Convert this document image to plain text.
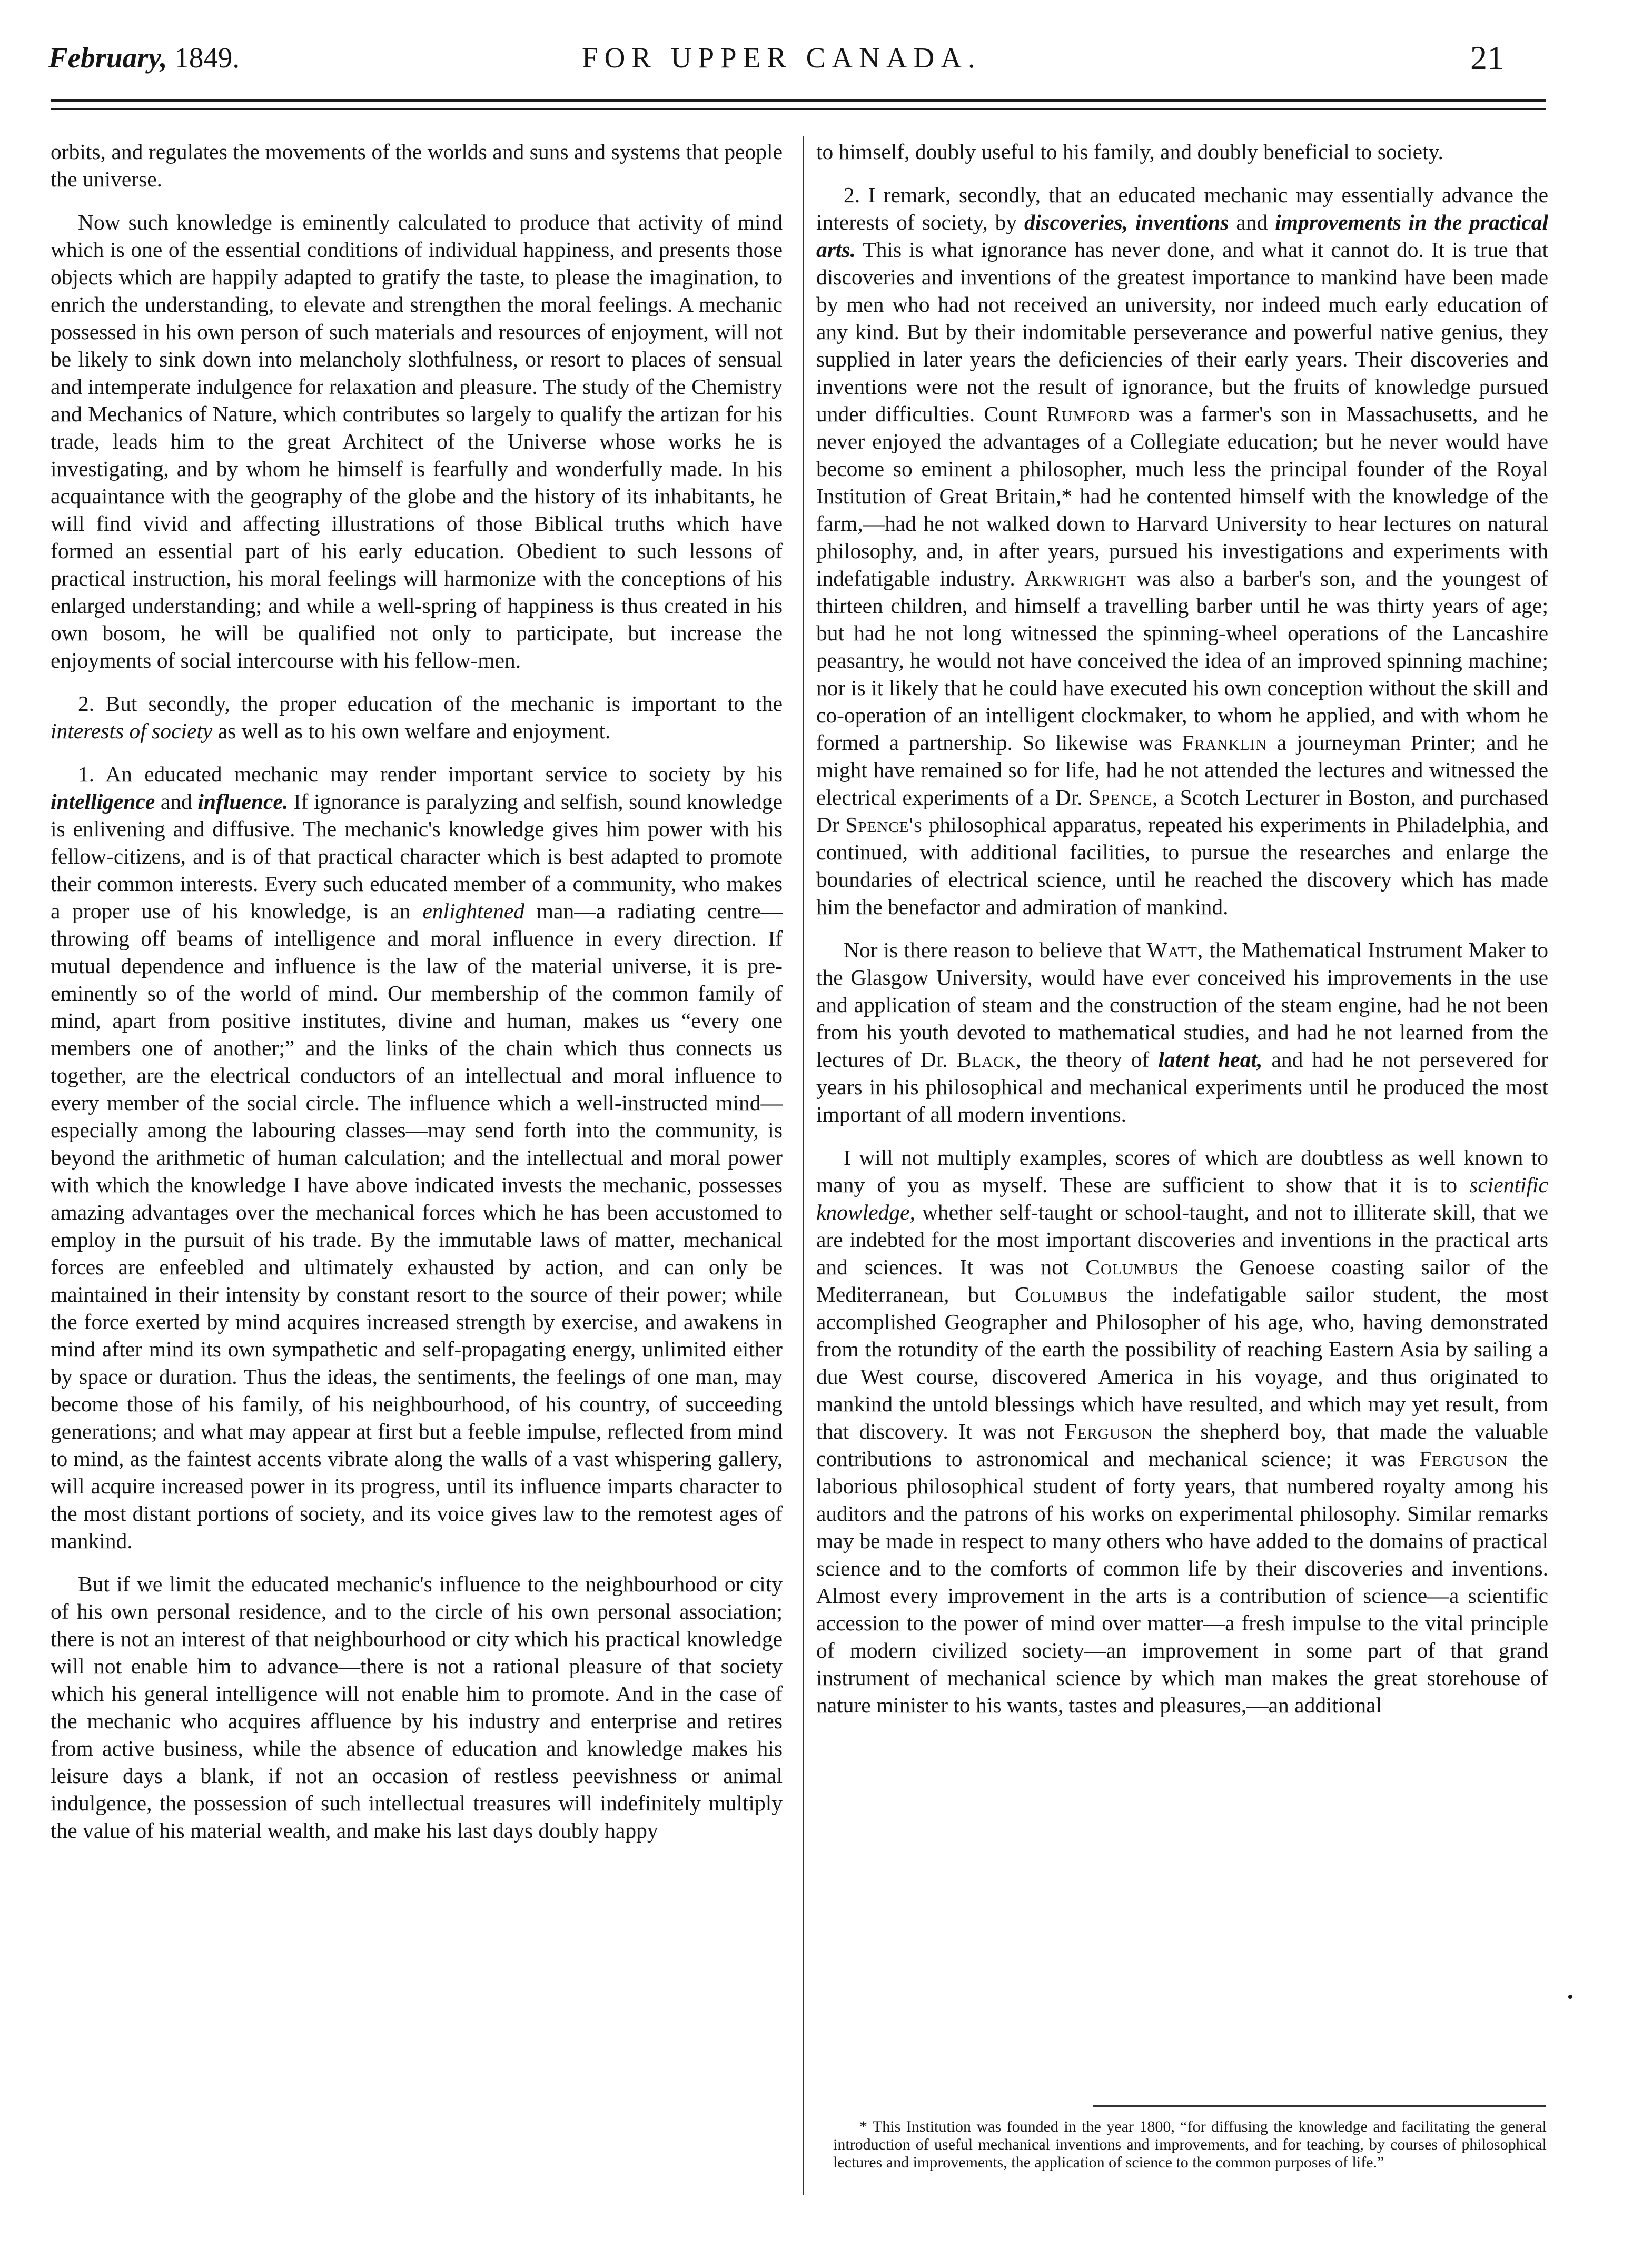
February, 1849.	FOR UPPER CANADA.	21

orbits, and regulates the movements of the worlds and suns and systems that people the universe.

Now such knowledge is eminently calculated to produce that activity of mind which is one of the essential conditions of individual happiness, and presents those objects which are happily adapted to gratify the taste, to please the imagination, to enrich the understanding, to elevate and strengthen the moral feelings. A mechanic possessed in his own person of such materials and resources of enjoyment, will not be likely to sink down into melancholy slothfulness, or resort to places of sensual and intemperate indulgence for relaxation and pleasure. The study of the Chemistry and Mechanics of Nature, which contributes so largely to qualify the artizan for his trade, leads him to the great Architect of the Universe whose works he is investigating, and by whom he himself is fearfully and wonderfully made. In his acquaintance with the geography of the globe and the history of its inhabitants, he will find vivid and affecting illustrations of those Biblical truths which have formed an essential part of his early education. Obedient to such lessons of practical instruction, his moral feelings will harmonize with the conceptions of his enlarged understanding; and while a well-spring of happiness is thus created in his own bosom, he will be qualified not only to participate, but increase the enjoyments of social intercourse with his fellow-men.

2. But secondly, the proper education of the mechanic is important to the interests of society as well as to his own welfare and enjoyment.

1. An educated mechanic may render important service to society by his intelligence and influence. If ignorance is paralyzing and selfish, sound knowledge is enlivening and diffusive. The mechanic's knowledge gives him power with his fellow-citizens, and is of that practical character which is best adapted to promote their common interests. Every such educated member of a community, who makes a proper use of his knowledge, is an enlightened man—a radiating centre—throwing off beams of intelligence and moral influence in every direction. If mutual dependence and influence is the law of the material universe, it is pre-eminently so of the world of mind. Our membership of the common family of mind, apart from positive institutes, divine and human, makes us “every one members one of another;” and the links of the chain which thus connects us together, are the electrical conductors of an intellectual and moral influence to every member of the social circle. The influence which a well-instructed mind—especially among the labouring classes—may send forth into the community, is beyond the arithmetic of human calculation; and the intellectual and moral power with which the knowledge I have above indicated invests the mechanic, possesses amazing advantages over the mechanical forces which he has been accustomed to employ in the pursuit of his trade. By the immutable laws of matter, mechanical forces are enfeebled and ultimately exhausted by action, and can only be maintained in their intensity by constant resort to the source of their power; while the force exerted by mind acquires increased strength by exercise, and awakens in mind after mind its own sympathetic and self-propagating energy, unlimited either by space or duration. Thus the ideas, the sentiments, the feelings of one man, may become those of his family, of his neighbourhood, of his country, of succeeding generations; and what may appear at first but a feeble impulse, reflected from mind to mind, as the faintest accents vibrate along the walls of a vast whispering gallery, will acquire increased power in its progress, until its influence imparts character to the most distant portions of society, and its voice gives law to the remotest ages of mankind.

But if we limit the educated mechanic's influence to the neighbourhood or city of his own personal residence, and to the circle of his own personal association; there is not an interest of that neighbourhood or city which his practical knowledge will not enable him to advance—there is not a rational pleasure of that society which his general intelligence will not enable him to promote. And in the case of the mechanic who acquires affluence by his industry and enterprise and retires from active business, while the absence of education and knowledge makes his leisure days a blank, if not an occasion of restless peevishness or animal indulgence, the possession of such intellectual treasures will indefinitely multiply the value of his material wealth, and make his last days doubly happy

to himself, doubly useful to his family, and doubly beneficial to society.

2. I remark, secondly, that an educated mechanic may essentially advance the interests of society, by discoveries, inventions and improvements in the practical arts. This is what ignorance has never done, and what it cannot do. It is true that discoveries and inventions of the greatest importance to mankind have been made by men who had not received an university, nor indeed much early education of any kind. But by their indomitable perseverance and powerful native genius, they supplied in later years the deficiencies of their early years. Their discoveries and inventions were not the result of ignorance, but the fruits of knowledge pursued under difficulties. Count Rumford was a farmer's son in Massachusetts, and he never enjoyed the advantages of a Collegiate education; but he never would have become so eminent a philosopher, much less the principal founder of the Royal Institution of Great Britain,* had he contented himself with the knowledge of the farm,—had he not walked down to Harvard University to hear lectures on natural philosophy, and, in after years, pursued his investigations and experiments with indefatigable industry. Arkwright was also a barber's son, and the youngest of thirteen children, and himself a travelling barber until he was thirty years of age; but had he not long witnessed the spinning-wheel operations of the Lancashire peasantry, he would not have conceived the idea of an improved spinning machine; nor is it likely that he could have executed his own conception without the skill and co-operation of an intelligent clockmaker, to whom he applied, and with whom he formed a partnership. So likewise was Franklin a journeyman Printer; and he might have remained so for life, had he not attended the lectures and witnessed the electrical experiments of a Dr. Spence, a Scotch Lecturer in Boston, and purchased Dr Spence's philosophical apparatus, repeated his experiments in Philadelphia, and continued, with additional facilities, to pursue the researches and enlarge the boundaries of electrical science, until he reached the discovery which has made him the benefactor and admiration of mankind.

Nor is there reason to believe that Watt, the Mathematical Instrument Maker to the Glasgow University, would have ever conceived his improvements in the use and application of steam and the construction of the steam engine, had he not been from his youth devoted to mathematical studies, and had he not learned from the lectures of Dr. Black, the theory of latent heat, and had he not persevered for years in his philosophical and mechanical experiments until he produced the most important of all modern inventions.

I will not multiply examples, scores of which are doubtless as well known to many of you as myself. These are sufficient to show that it is to scientific knowledge, whether self-taught or school-taught, and not to illiterate skill, that we are indebted for the most important discoveries and inventions in the practical arts and sciences. It was not Columbus the Genoese coasting sailor of the Mediterranean, but Columbus the indefatigable sailor student, the most accomplished Geographer and Philosopher of his age, who, having demonstrated from the rotundity of the earth the possibility of reaching Eastern Asia by sailing a due West course, discovered America in his voyage, and thus originated to mankind the untold blessings which have resulted, and which may yet result, from that discovery. It was not Ferguson the shepherd boy, that made the valuable contributions to astronomical and mechanical science; it was Ferguson the laborious philosophical student of forty years, that numbered royalty among his auditors and the patrons of his works on experimental philosophy. Similar remarks may be made in respect to many others who have added to the domains of practical science and to the comforts of common life by their discoveries and inventions. Almost every improvement in the arts is a contribution of science—a scientific accession to the power of mind over matter—a fresh impulse to the vital principle of modern civilized society—an improvement in some part of that grand instrument of mechanical science by which man makes the great storehouse of nature minister to his wants, tastes and pleasures,—an additional

•
* This Institution was founded in the year 1800, “for diffusing the knowledge and facilitating the general introduction of useful mechanical inventions and improvements, and for teaching, by courses of philosophical lectures and improvements, the application of science to the common purposes of life.”
